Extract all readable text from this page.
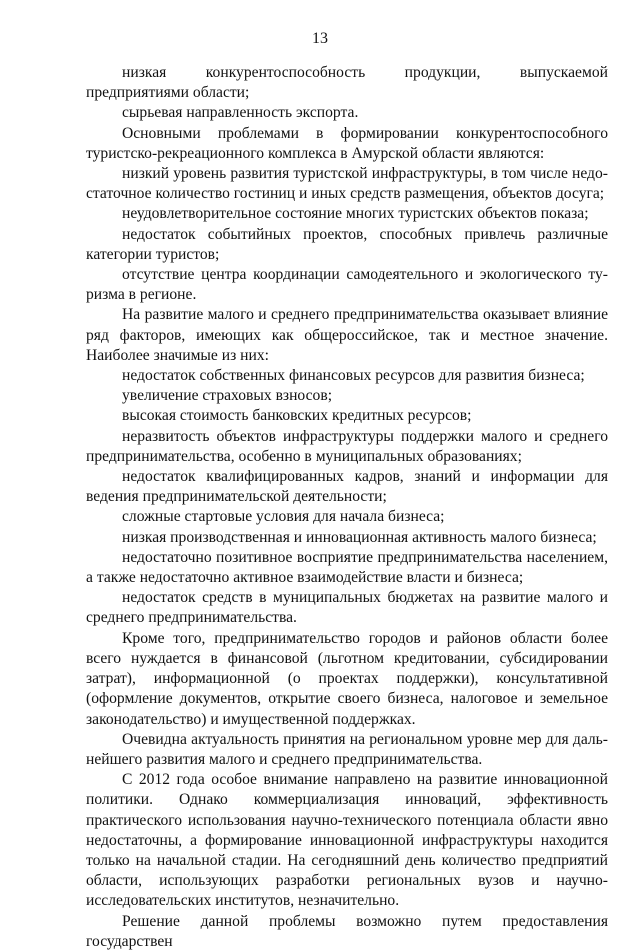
13

низкая конкурентоспособность продукции, выпускаемой предприятиями области;

сырьевая направленность экспорта.

Основными проблемами в формировании конкурентоспособного туристско-рекреационного комплекса в Амурской области являются:

низкий уровень развития туристской инфраструктуры, в том числе недостаточное количество гостиниц и иных средств размещения, объектов досуга;

неудовлетворительное состояние многих туристских объектов показа;

недостаток событийных проектов, способных привлечь различные категории туристов;

отсутствие центра координации самодеятельного и экологического туризма в регионе.

На развитие малого и среднего предпринимательства оказывает влияние ряд факторов, имеющих как общероссийское, так и местное значение. Наиболее значимые из них:

недостаток собственных финансовых ресурсов для развития бизнеса;

увеличение страховых взносов;

высокая стоимость банковских кредитных ресурсов;

неразвитость объектов инфраструктуры поддержки малого и среднего предпринимательства, особенно в муниципальных образованиях;

недостаток квалифицированных кадров, знаний и информации для ведения предпринимательской деятельности;

сложные стартовые условия для начала бизнеса;

низкая производственная и инновационная активность малого бизнеса;

недостаточно позитивное восприятие предпринимательства населением, а также недостаточно активное взаимодействие власти и бизнеса;

недостаток средств в муниципальных бюджетах на развитие малого и среднего предпринимательства.

Кроме того, предпринимательство городов и районов области более всего нуждается в финансовой (льготном кредитовании, субсидировании затрат), информационной (о проектах поддержки), консультативной (оформление документов, открытие своего бизнеса, налоговое и земельное законодательство) и имущественной поддержках.

Очевидна актуальность принятия на региональном уровне мер для дальнейшего развития малого и среднего предпринимательства.

С 2012 года особое внимание направлено на развитие инновационной политики. Однако коммерциализация инноваций, эффективность практического использования научно-технического потенциала области явно недостаточны, а формирование инновационной инфраструктуры находится только на начальной стадии. На сегодняшний день количество предприятий области, использующих разработки региональных вузов и научно-исследовательских институтов, незначительно.

Решение данной проблемы возможно путем предоставления государствен
